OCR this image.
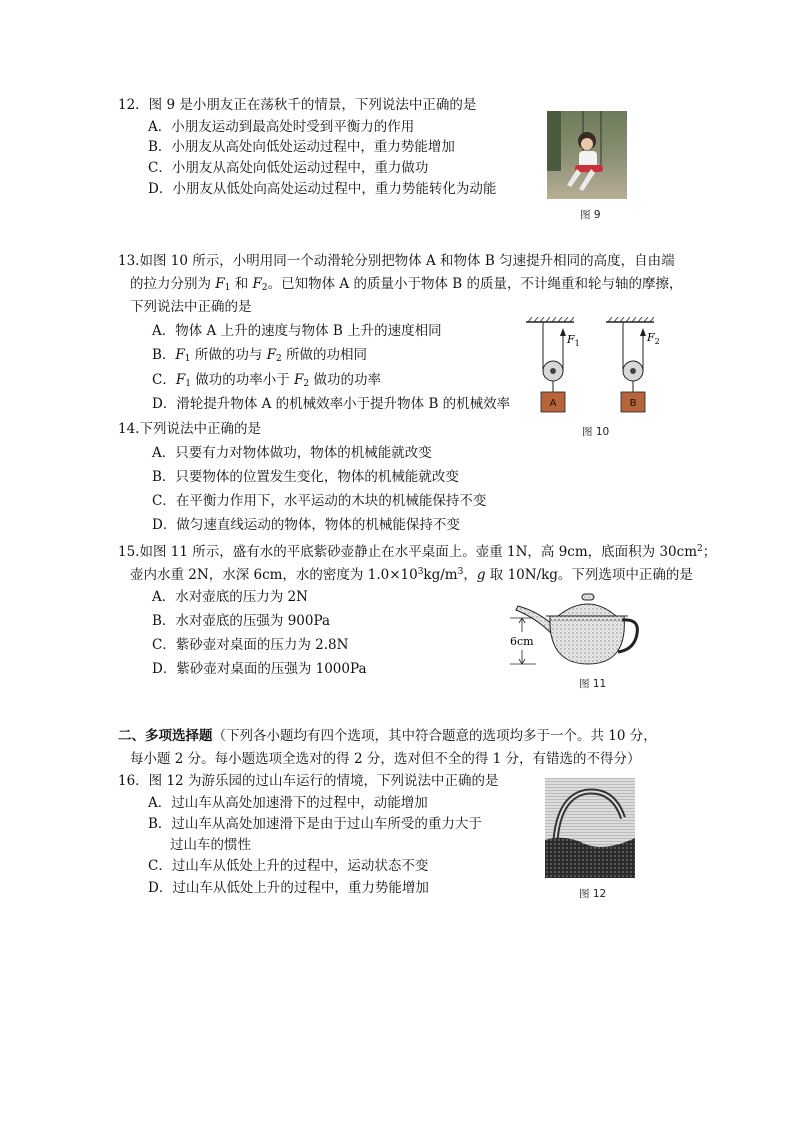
12．图 9 是小朋友正在荡秋千的情景，下列说法中正确的是
A．小朋友运动到最高处时受到平衡力的作用
B．小朋友从高处向低处运动过程中，重力势能增加
C．小朋友从高处向低处运动过程中，重力做功
D．小朋友从低处向高处运动过程中，重力势能转化为动能
图 9
13.如图 10 所示，小明用同一个动滑轮分别把物体 A 和物体 B 匀速提升相同的高度，自由端
的拉力分别为 $F_1$ 和 $F_2$。已知物体 A 的质量小于物体 B 的质量，不计绳重和轮与轴的摩擦，
下列说法中正确的是
A．物体 A 上升的速度与物体 B 上升的速度相同
B．$F_1$ 所做的功与 $F_2$ 所做的功相同
C．$F_1$ 做功的功率小于 $F_2$ 做功的功率
D．滑轮提升物体 A 的机械效率小于提升物体 B 的机械效率
$F_1$
A
$F_2$
B
图 10
14.下列说法中正确的是
A．只要有力对物体做功，物体的机械能就改变
B．只要物体的位置发生变化，物体的机械能就改变
C．在平衡力作用下，水平运动的木块的机械能保持不变
D．做匀速直线运动的物体，物体的机械能保持不变
15.如图 11 所示，盛有水的平底紫砂壶静止在水平桌面上。壶重 1N，高 9cm，底面积为 $30cm^2$；
壶内水重 2N，水深 6cm，水的密度为 $1.0\times 10^3kg/m^3$，g 取 10N/kg。下列选项中正确的是
A．水对壶底的压力为 2N
B．水对壶底的压强为 900Pa
C．紫砂壶对桌面的压力为 2.8N
D．紫砂壶对桌面的压强为 1000Pa
6cm
图 11
二、多项选择题（下列各小题均有四个选项，其中符合题意的选项均多于一个。共 10 分，
每小题 2 分。每小题选项全选对的得 2 分，选对但不全的得 1 分，有错选的不得分）
16．图 12 为游乐园的过山车运行的情境，下列说法中正确的是
A．过山车从高处加速滑下的过程中，动能增加
B．过山车从高处加速滑下是由于过山车所受的重力大于
过山车的惯性
C．过山车从低处上升的过程中，运动状态不变
D．过山车从低处上升的过程中，重力势能增加	图 12
